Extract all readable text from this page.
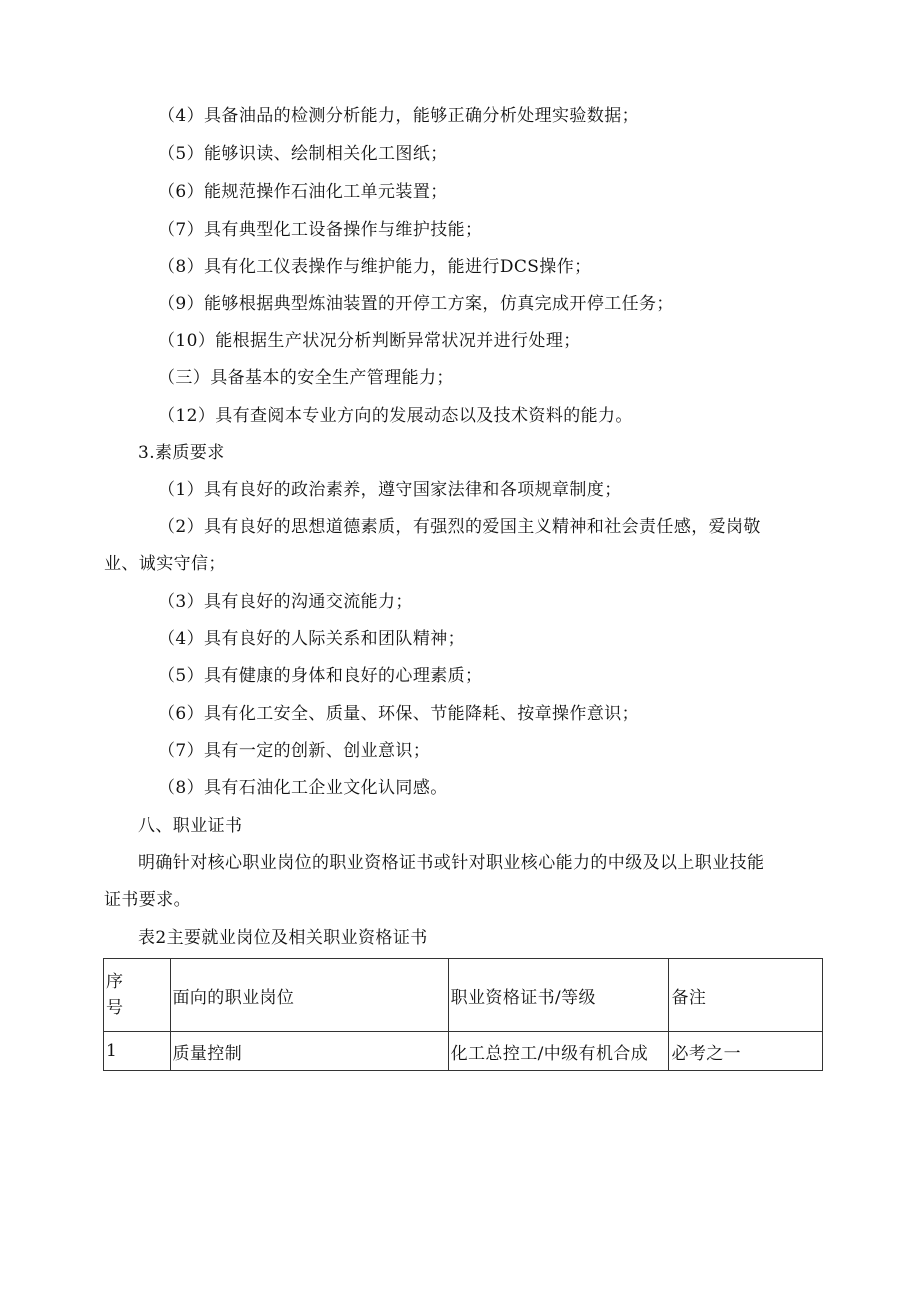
（4）具备油品的检测分析能力，能够正确分析处理实验数据；
（5）能够识读、绘制相关化工图纸；
（6）能规范操作石油化工单元装置；
（7）具有典型化工设备操作与维护技能；
（8）具有化工仪表操作与维护能力，能进行DCS操作；
（9）能够根据典型炼油装置的开停工方案，仿真完成开停工任务；
（10）能根据生产状况分析判断异常状况并进行处理；
（三）具备基本的安全生产管理能力；
（12）具有查阅本专业方向的发展动态以及技术资料的能力。
3.素质要求
（1）具有良好的政治素养，遵守国家法律和各项规章制度；
（2）具有良好的思想道德素质，有强烈的爱国主义精神和社会责任感，爱岗敬
业、诚实守信；
（3）具有良好的沟通交流能力；
（4）具有良好的人际关系和团队精神；
（5）具有健康的身体和良好的心理素质；
（6）具有化工安全、质量、环保、节能降耗、按章操作意识；
（7）具有一定的创新、创业意识；
（8）具有石油化工企业文化认同感。
八、职业证书
明确针对核心职业岗位的职业资格证书或针对职业核心能力的中级及以上职业技能
证书要求。
表2主要就业岗位及相关职业资格证书
序
号	面向的职业岗位	职业资格证书/等级	备注
1	质量控制	化工总控工/中级有机合成	必考之一
